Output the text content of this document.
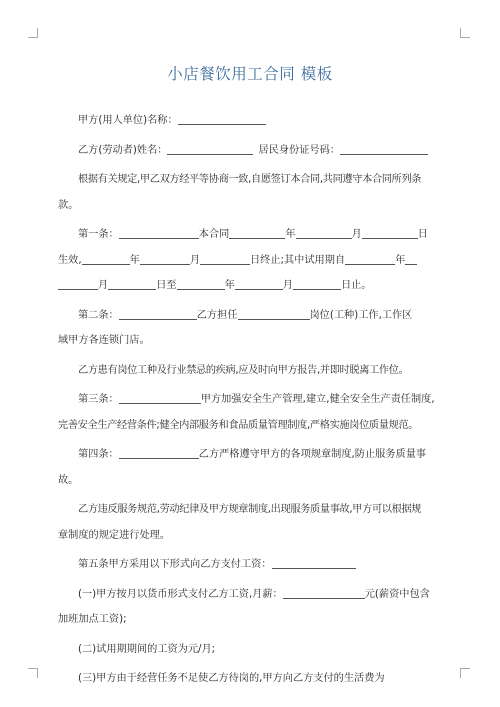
小店餐饮用工合同 模板

甲方(用人单位)名称：

乙方(劳动者)姓名：	居民身份证号码：

根据有关规定,甲乙双方经平等协商一致,自愿签订本合同,共同遵守本合同所列条

款。

第一条：	本合同	年	月	日

生效,	年	月	日终止;其中试用期自	年

月	日至	年	月	日止。

第二条：	乙方担任	岗位(工种)工作,工作区

域甲方各连锁门店。

乙方患有岗位工种及行业禁忌的疾病,应及时向甲方报告,并即时脱离工作位。

第三条：	甲方加强安全生产管理,建立,健全安全生产责任制度,

完善安全生产经营条件;健全内部服务和食品质量管理制度,严格实施岗位质量规范。

第四条：	乙方严格遵守甲方的各项规章制度,防止服务质量事

故。

乙方违反服务规范,劳动纪律及甲方规章制度,出现服务质量事故,甲方可以根据规

章制度的规定进行处理。

第五条甲方采用以下形式向乙方支付工资：

(一)甲方按月以货币形式支付乙方工资,月薪：	元(薪资中包含

加班加点工资);

(二)试用期期间的工资为元/月;

(三)甲方由于经营任务不足使乙方待岗的,甲方向乙方支付的生活费为
